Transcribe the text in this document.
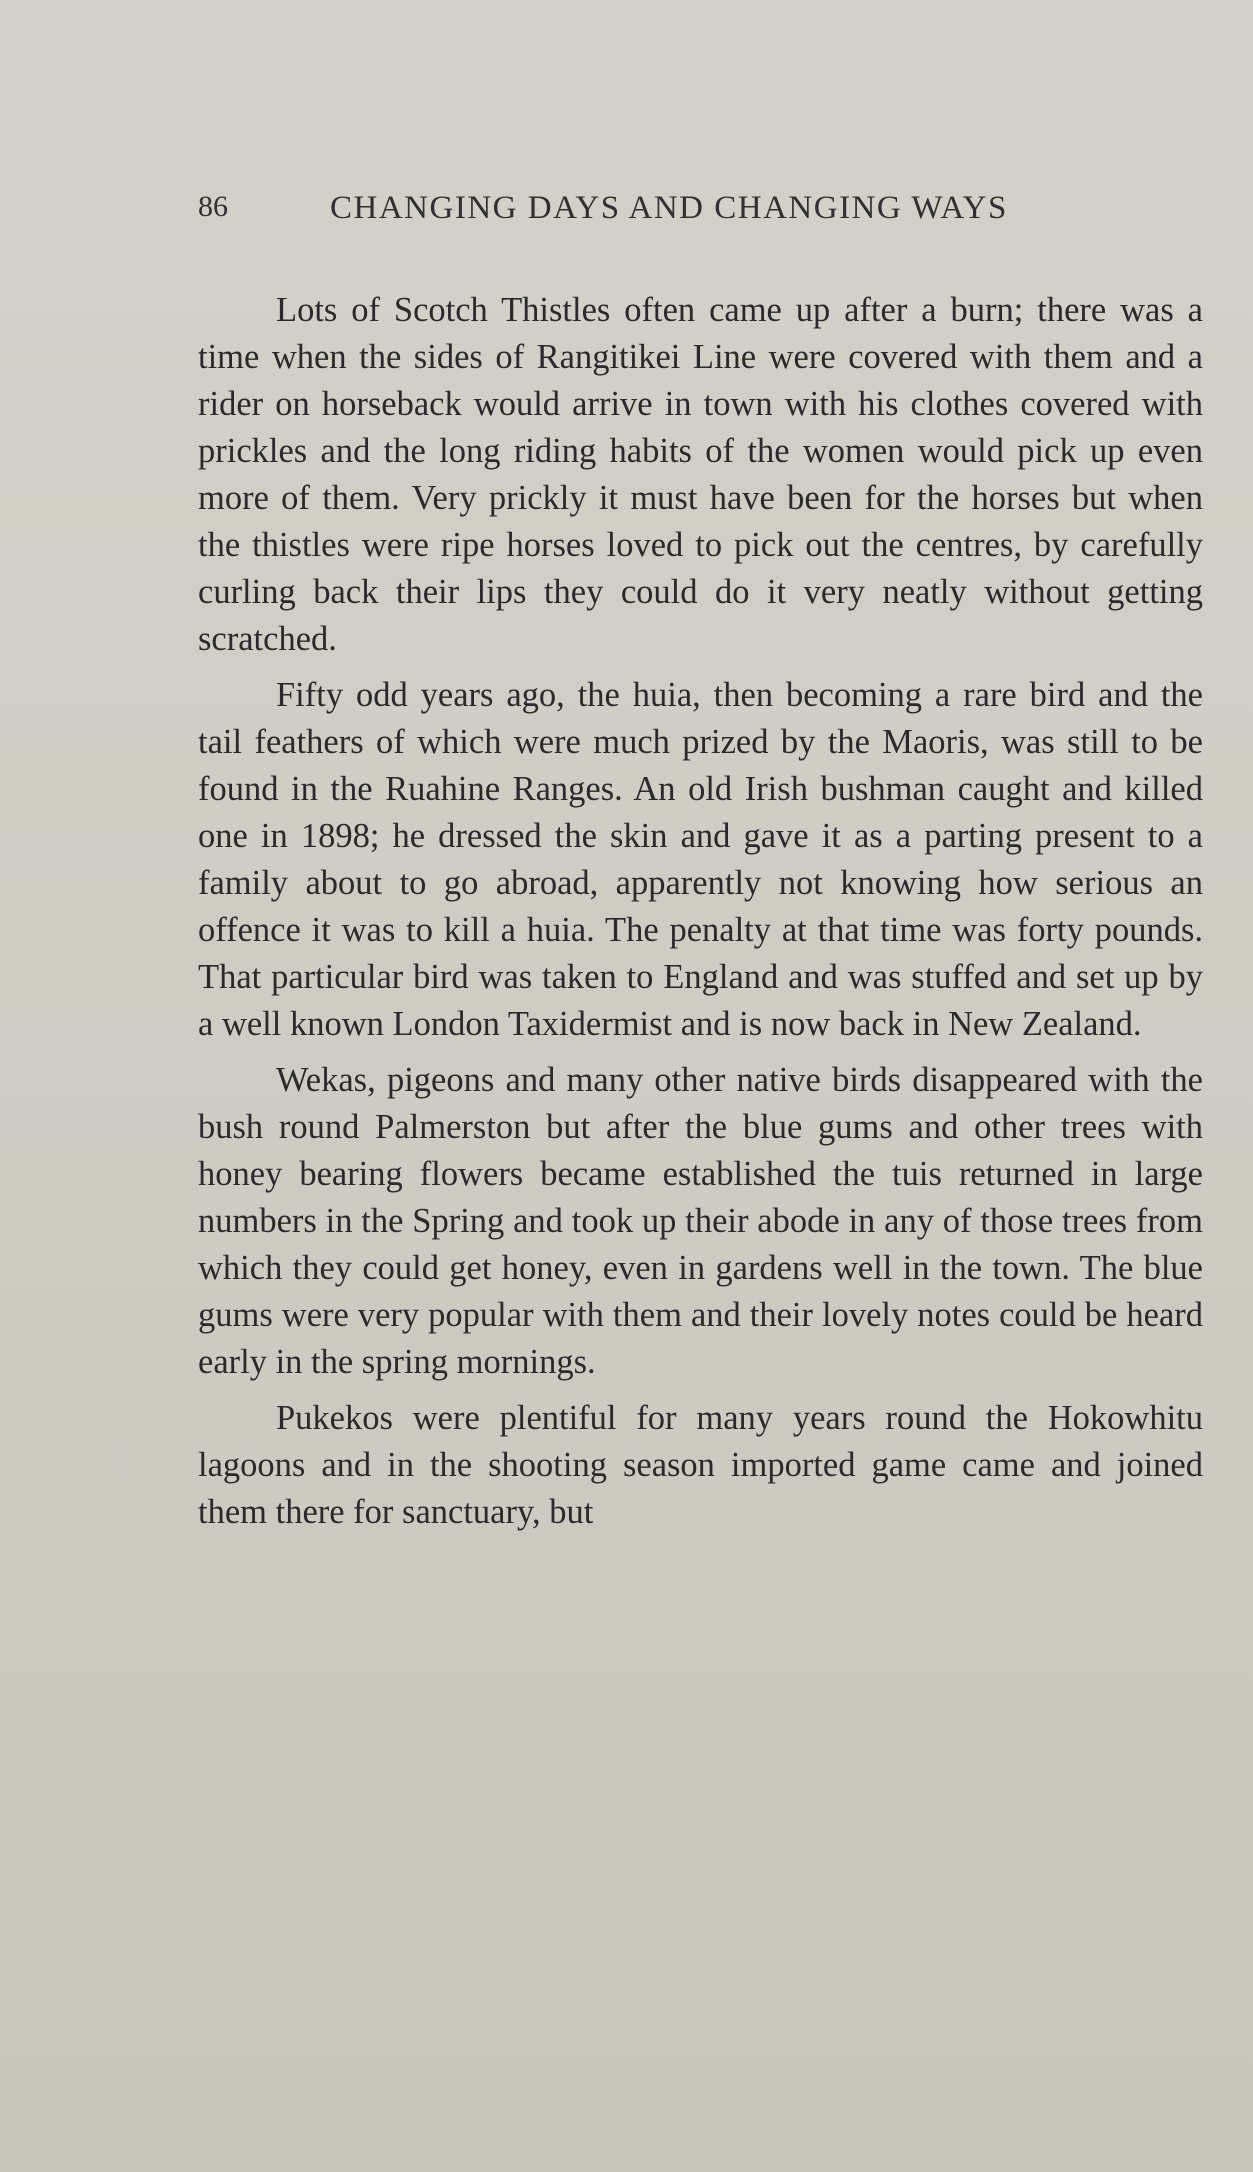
86	CHANGING DAYS AND CHANGING WAYS

Lots of Scotch Thistles often came up after a burn; there was a time when the sides of Rangitikei Line were covered with them and a rider on horseback would arrive in town with his clothes covered with prickles and the long riding habits of the women would pick up even more of them. Very prickly it must have been for the horses but when the thistles were ripe horses loved to pick out the centres, by carefully curling back their lips they could do it very neatly without getting scratched.

Fifty odd years ago, the huia, then becoming a rare bird and the tail feathers of which were much prized by the Maoris, was still to be found in the Ruahine Ranges. An old Irish bushman caught and killed one in 1898; he dressed the skin and gave it as a parting present to a family about to go abroad, apparently not knowing how serious an offence it was to kill a huia. The penalty at that time was forty pounds. That particular bird was taken to England and was stuffed and set up by a well known London Taxidermist and is now back in New Zealand.

Wekas, pigeons and many other native birds disappeared with the bush round Palmerston but after the blue gums and other trees with honey bearing flowers became established the tuis returned in large numbers in the Spring and took up their abode in any of those trees from which they could get honey, even in gardens well in the town. The blue gums were very popular with them and their lovely notes could be heard early in the spring mornings.

Pukekos were plentiful for many years round the Hokowhitu lagoons and in the shooting season imported game came and joined them there for sanctuary, but
